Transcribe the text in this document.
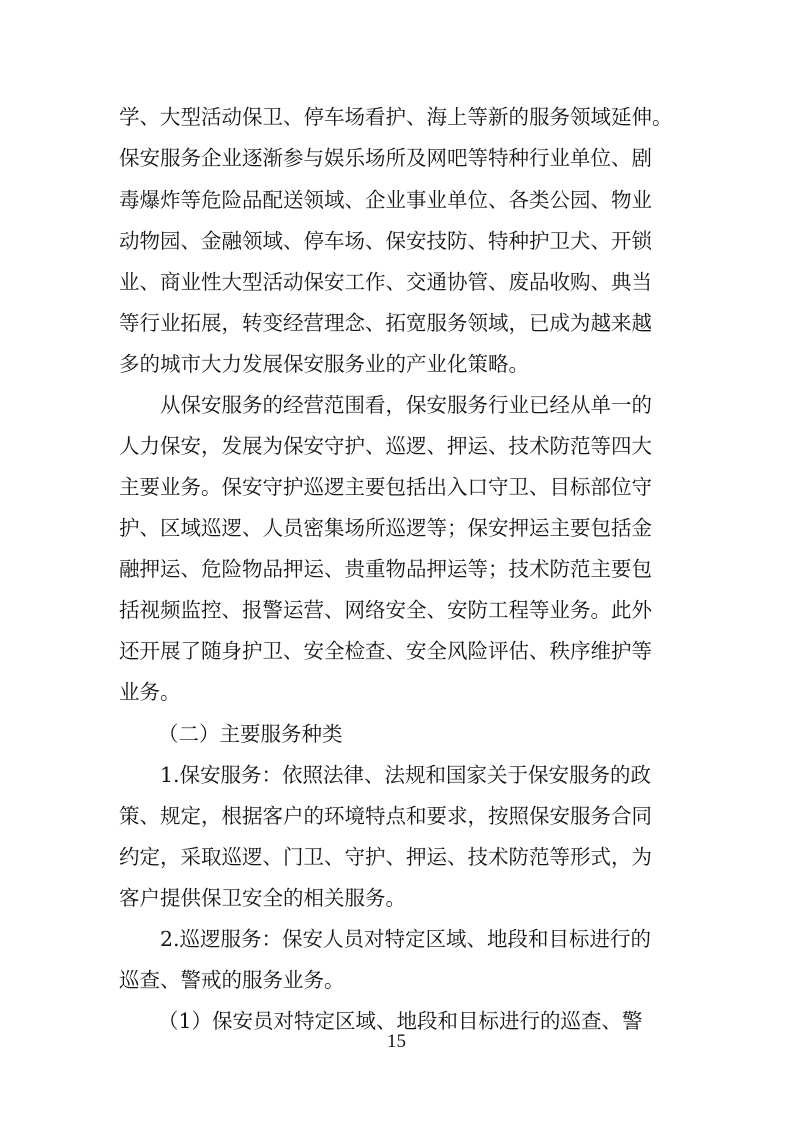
学、大型活动保卫、停车场看护、海上等新的服务领域延伸。

保安服务企业逐渐参与娱乐场所及网吧等特种行业单位、剧

毒爆炸等危险品配送领域、企业事业单位、各类公园、物业

动物园、金融领域、停车场、保安技防、特种护卫犬、开锁

业、商业性大型活动保安工作、交通协管、废品收购、典当

等行业拓展，转变经营理念、拓宽服务领域，已成为越来越

多的城市大力发展保安服务业的产业化策略。

从保安服务的经营范围看，保安服务行业已经从单一的

人力保安，发展为保安守护、巡逻、押运、技术防范等四大

主要业务。保安守护巡逻主要包括出入口守卫、目标部位守

护、区域巡逻、人员密集场所巡逻等；保安押运主要包括金

融押运、危险物品押运、贵重物品押运等；技术防范主要包

括视频监控、报警运营、网络安全、安防工程等业务。此外

还开展了随身护卫、安全检查、安全风险评估、秩序维护等

业务。

（二）主要服务种类

1.保安服务：依照法律、法规和国家关于保安服务的政

策、规定，根据客户的环境特点和要求，按照保安服务合同

约定，采取巡逻、门卫、守护、押运、技术防范等形式，为

客户提供保卫安全的相关服务。

2.巡逻服务：保安人员对特定区域、地段和目标进行的

巡查、警戒的服务业务。

（1）保安员对特定区域、地段和目标进行的巡查、警

15
